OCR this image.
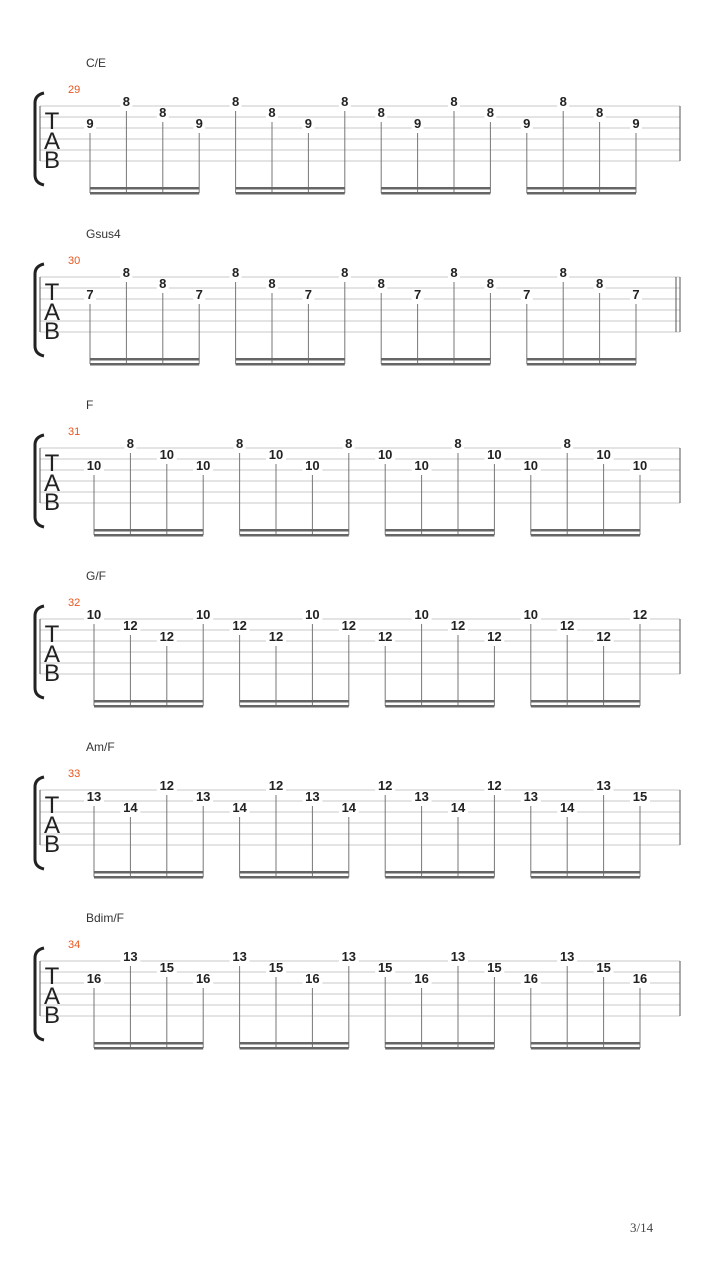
C/E
29
T
A
B
9
8
8
9
8
8
9
8
8
9
8
8
9
8
8
9
Gsus4
30
T
A
B
7
8
8
7
8
8
7
8
8
7
8
8
7
8
8
7
F
31
T
A
B
10
8
10
10
8
10
10
8
10
10
8
10
10
8
10
10
G/F
32
T
A
B
10
12
12
10
12
12
10
12
12
10
12
12
10
12
12
12
Am/F
33
T
A
B
13
14
12
13
14
12
13
14
12
13
14
12
13
14
13
15
Bdim/F
34
T
A
B
16
13
15
16
13
15
16
13
15
16
13
15
16
13
15
16
3/14
